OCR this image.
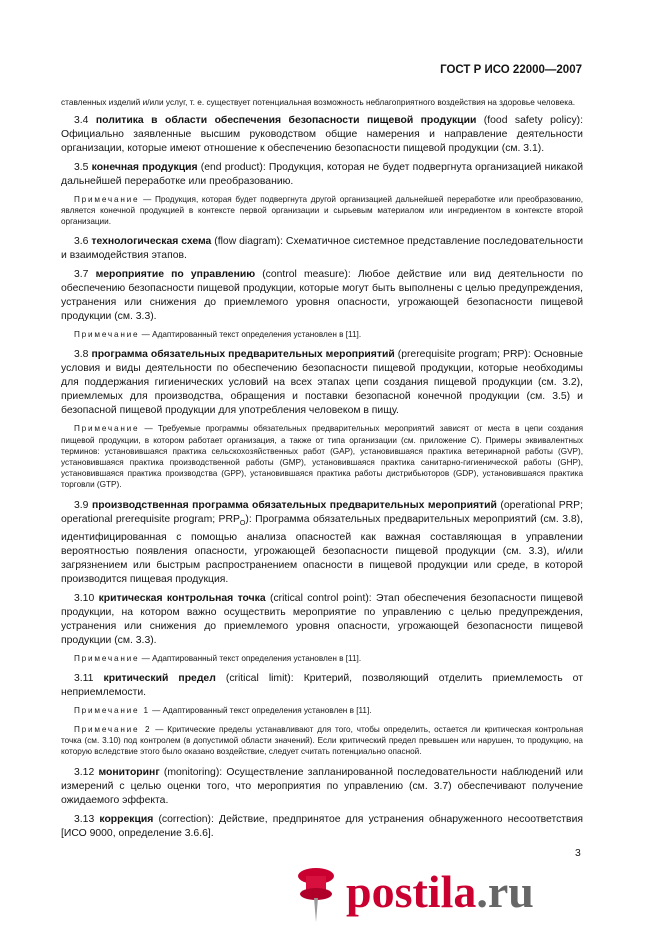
ГОСТ Р ИСО 22000—2007

ставленных изделий и/или услуг, т. е. существует потенциальная возможность неблагоприятного воздействия на здоровье человека.

3.4 политика в области обеспечения безопасности пищевой продукции (food safety policy): Официально заявленные высшим руководством общие намерения и направление деятельности организации, которые имеют отношение к обеспечению безопасности пищевой продукции (см. 3.1).

3.5 конечная продукция (end product): Продукция, которая не будет подвергнута организацией никакой дальнейшей переработке или преобразованию.

Примечание — Продукция, которая будет подвергнута другой организацией дальнейшей переработке или преобразованию, является конечной продукцией в контексте первой организации и сырьевым материалом или ингредиентом в контексте второй организации.

3.6 технологическая схема (flow diagram): Схематичное системное представление последовательности и взаимодействия этапов.

3.7 мероприятие по управлению (control measure): Любое действие или вид деятельности по обеспечению безопасности пищевой продукции, которые могут быть выполнены с целью предупреждения, устранения или снижения до приемлемого уровня опасности, угрожающей безопасности пищевой продукции (см. 3.3).

Примечание — Адаптированный текст определения установлен в [11].

3.8 программа обязательных предварительных мероприятий (prerequisite program; PRP): Основные условия и виды деятельности по обеспечению безопасности пищевой продукции, которые необходимы для поддержания гигиенических условий на всех этапах цепи создания пищевой продукции (см. 3.2), приемлемых для производства, обращения и поставки безопасной конечной продукции (см. 3.5) и безопасной пищевой продукции для употребления человеком в пищу.

Примечание — Требуемые программы обязательных предварительных мероприятий зависят от места в цепи создания пищевой продукции, в котором работает организация, а также от типа организации (см. приложение С). Примеры эквивалентных терминов: установившаяся практика сельскохозяйственных работ (GAP), установившаяся практика ветеринарной работы (GVP), установившаяся практика производственной работы (GMP), установившаяся практика санитарно-гигиенической работы (GHP), установившаяся практика производства (GPP), установившаяся практика работы дистрибьюторов (GDP), установившаяся практика торговли (GTP).

3.9 производственная программа обязательных предварительных мероприятий (operational PRP; operational prerequisite program; $PRP_O$): Программа обязательных предварительных мероприятий (см. 3.8), идентифицированная с помощью анализа опасностей как важная составляющая в управлении вероятностью появления опасности, угрожающей безопасности пищевой продукции (см. 3.3), и/или загрязнением или быстрым распространением опасности в пищевой продукции или среде, в которой производится пищевая продукция.

3.10 критическая контрольная точка (critical control point): Этап обеспечения безопасности пищевой продукции, на котором важно осуществить мероприятие по управлению с целью предупреждения, устранения или снижения до приемлемого уровня опасности, угрожающей безопасности пищевой продукции (см. 3.3).

Примечание — Адаптированный текст определения установлен в [11].

3.11 критический предел (critical limit): Критерий, позволяющий отделить приемлемость от неприемлемости.

Примечание 1 — Адаптированный текст определения установлен в [11].

Примечание 2 — Критические пределы устанавливают для того, чтобы определить, остается ли критическая контрольная точка (см. 3.10) под контролем (в допустимой области значений). Если критический предел превышен или нарушен, то продукцию, на которую вследствие этого было оказано воздействие, следует считать потенциально опасной.

3.12 мониторинг (monitoring): Осуществление запланированной последовательности наблюдений или измерений с целью оценки того, что мероприятия по управлению (см. 3.7) обеспечивают получение ожидаемого эффекта.

3.13 коррекция (correction): Действие, предпринятое для устранения обнаруженного несоответствия [ИСО 9000, определение 3.6.6].

3
postila.ru
